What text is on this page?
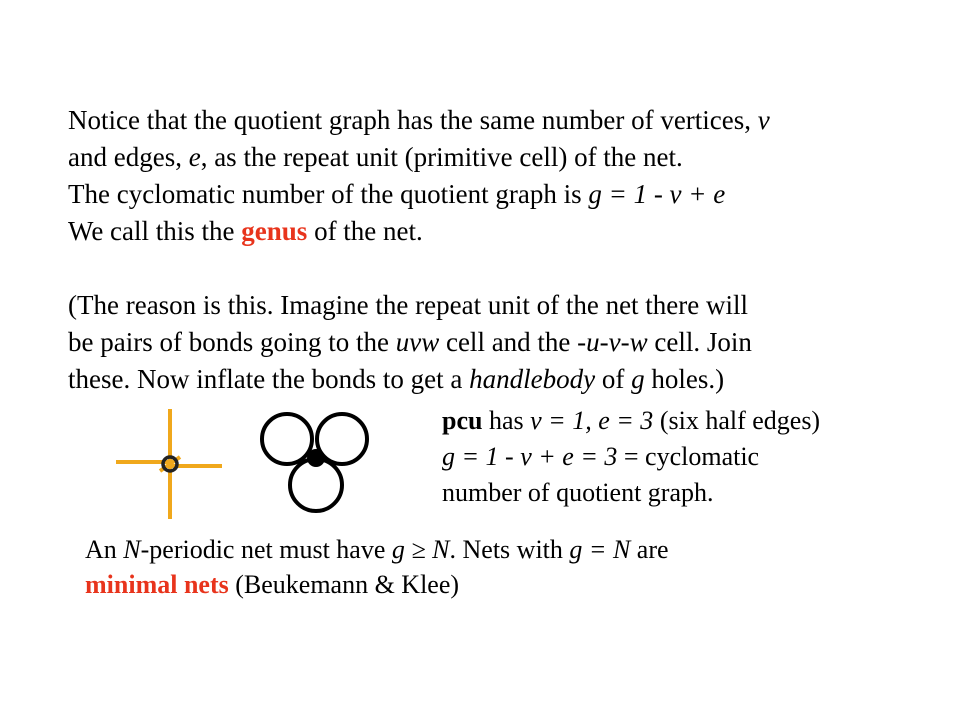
Notice that the quotient graph has the same number of vertices, v
and edges, e, as the repeat unit (primitive cell) of the net.
The cyclomatic number of the quotient graph is g = 1 - v + e
We call this the genus of the net.
(The reason is this. Imagine the repeat unit of the net there will
be pairs of bonds going to the uvw cell and the -u-v-w cell. Join
these. Now inflate the bonds to get a handlebody of g holes.)
pcu has v = 1, e = 3 (six half edges)
g = 1 - v + e = 3 = cyclomatic
number of quotient graph.
An N-periodic net must have g ≥ N. Nets with g = N are
minimal nets (Beukemann & Klee)
